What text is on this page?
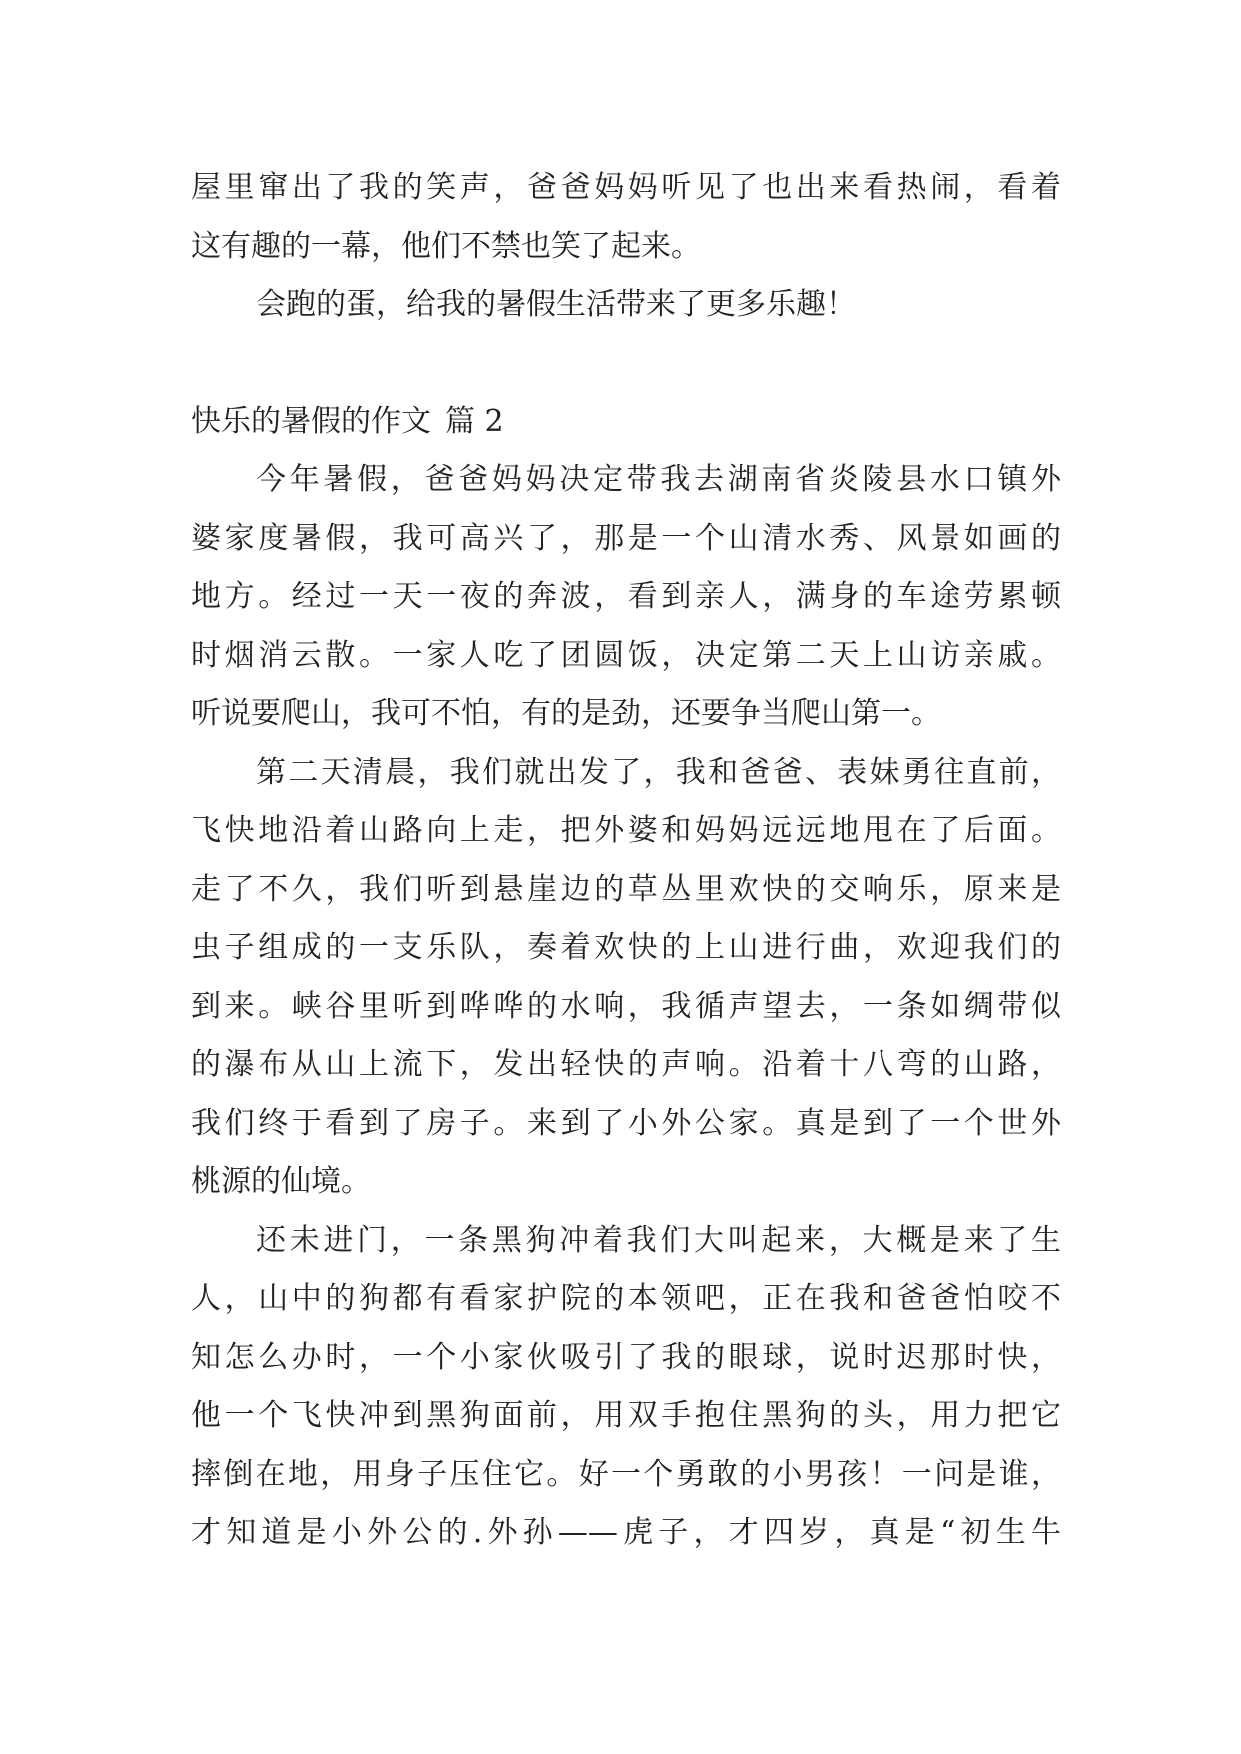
屋里窜出了我的笑声，爸爸妈妈听见了也出来看热闹，看着
这有趣的一幕，他们不禁也笑了起来。
会跑的蛋，给我的暑假生活带来了更多乐趣！
快乐的暑假的作文 篇 2
今年暑假，爸爸妈妈决定带我去湖南省炎陵县水口镇外
婆家度暑假，我可高兴了，那是一个山清水秀、风景如画的
地方。经过一天一夜的奔波，看到亲人，满身的车途劳累顿
时烟消云散。一家人吃了团圆饭，决定第二天上山访亲戚。
听说要爬山，我可不怕，有的是劲，还要争当爬山第一。
第二天清晨，我们就出发了，我和爸爸、表妹勇往直前，
飞快地沿着山路向上走，把外婆和妈妈远远地甩在了后面。
走了不久，我们听到悬崖边的草丛里欢快的交响乐，原来是
虫子组成的一支乐队，奏着欢快的上山进行曲，欢迎我们的
到来。峡谷里听到哗哗的水响，我循声望去，一条如绸带似
的瀑布从山上流下，发出轻快的声响。沿着十八弯的山路，
我们终于看到了房子。来到了小外公家。真是到了一个世外
桃源的仙境。
还未进门，一条黑狗冲着我们大叫起来，大概是来了生
人，山中的狗都有看家护院的本领吧，正在我和爸爸怕咬不
知怎么办时，一个小家伙吸引了我的眼球，说时迟那时快，
他一个飞快冲到黑狗面前，用双手抱住黑狗的头，用力把它
摔倒在地，用身子压住它。好一个勇敢的小男孩！一问是谁，
才知道是小外公的.外孙——虎子，才四岁，真是“初生牛
